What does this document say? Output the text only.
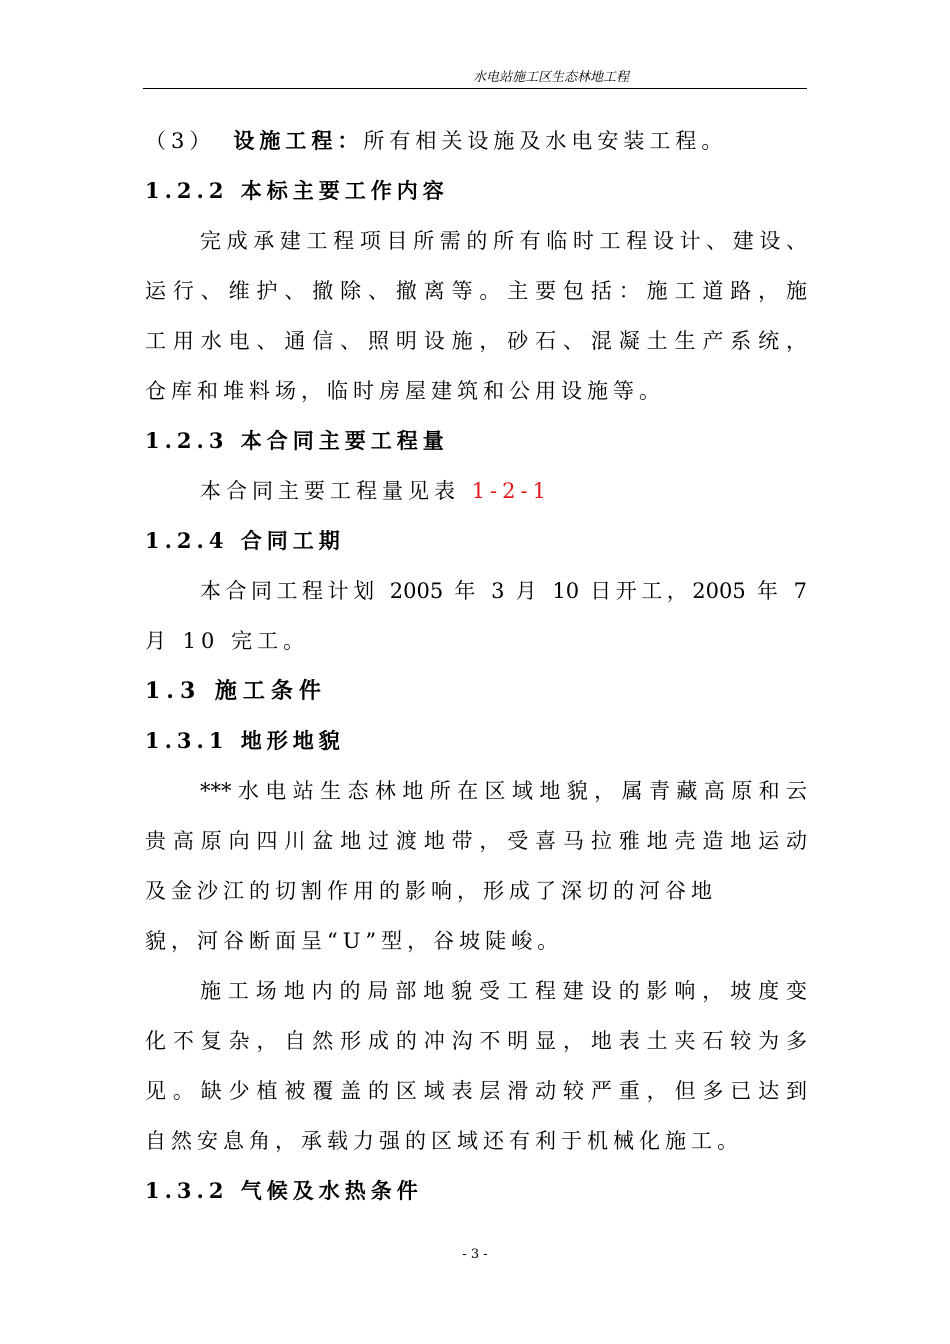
水电站施工区生态林地工程
（3） 设施工程：所有相关设施及水电安装工程。
1.2.2 本标主要工作内容
完成承建工程项目所需的所有临时工程设计、建设、
运行、维护、撤除、撤离等。主要包括：施工道路，施
工用水电、通信、照明设施，砂石、混凝土生产系统，
仓库和堆料场，临时房屋建筑和公用设施等。
1.2.3 本合同主要工程量
本合同主要工程量见表 1-2-1
1.2.4 合同工期
本合同工程计划 2005 年 3 月 10 日开工，2005 年 7
月 10 完工。
1.3 施工条件
1.3.1 地形地貌
***水电站生态林地所在区域地貌，属青藏高原和云
贵高原向四川盆地过渡地带，受喜马拉雅地壳造地运动
及金沙江的切割作用的影响，形成了深切的河谷地
貌，河谷断面呈“U”型，谷坡陡峻。
施工场地内的局部地貌受工程建设的影响，坡度变
化不复杂，自然形成的冲沟不明显，地表土夹石较为多
见。缺少植被覆盖的区域表层滑动较严重，但多已达到
自然安息角，承载力强的区域还有利于机械化施工。
1.3.2 气候及水热条件
- 3 -
